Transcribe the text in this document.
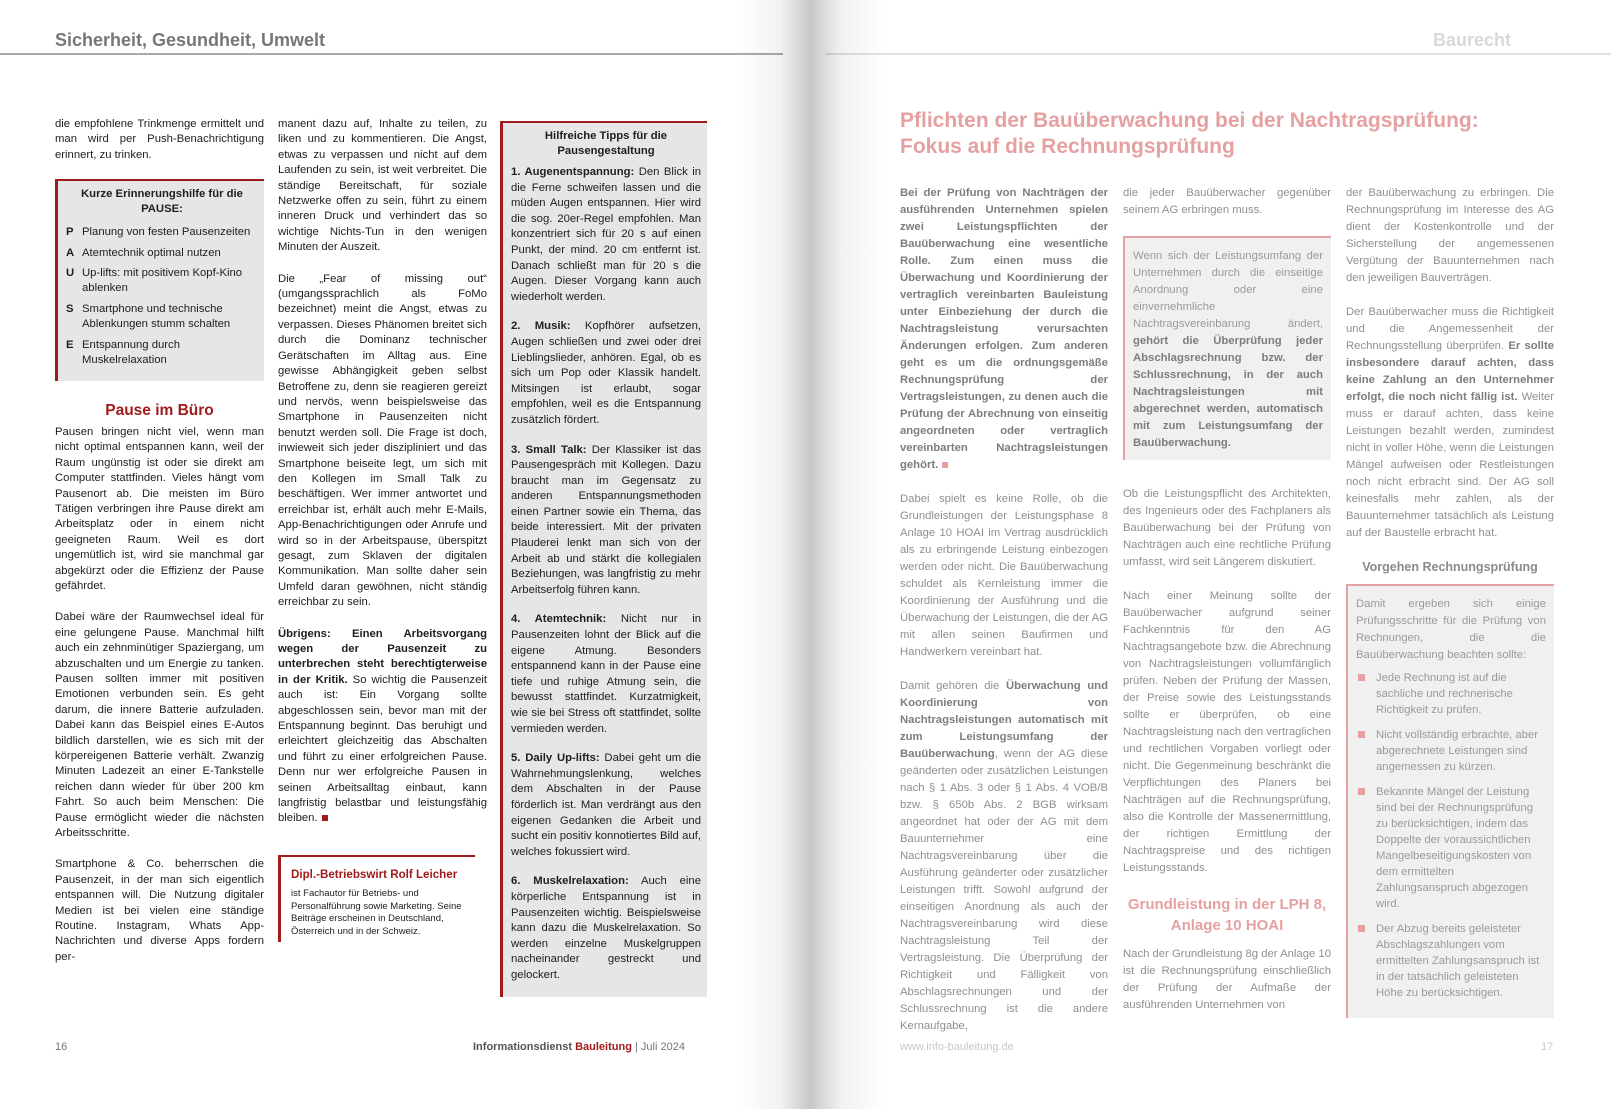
Sicherheit, Gesundheit, Umwelt

die empfohlene Trinkmenge ermittelt und man wird per Push-Benachrichtigung erinnert, zu trinken.

Kurze Erinnerungshilfe für die PAUSE:
P Planung von festen Pausenzeiten
A Atemtechnik optimal nutzen
U Up-lifts: mit positivem Kopf-Kino ablenken
S Smartphone und technische Ablenkungen stumm schalten
E Entspannung durch Muskelrelaxation
Pause im Büro

Pausen bringen nicht viel, wenn man nicht optimal entspannen kann, weil der Raum ungünstig ist oder sie direkt am Computer stattfinden. Vieles hängt vom Pausenort ab. Die meisten im Büro Tätigen verbringen ihre Pause direkt am Arbeitsplatz oder in einem nicht geeigneten Raum. Weil es dort ungemütlich ist, wird sie manchmal gar abgekürzt oder die Effizienz der Pause gefährdet.

Dabei wäre der Raumwechsel ideal für eine gelungene Pause. Manchmal hilft auch ein zehnminütiger Spaziergang, um abzuschalten und um Energie zu tanken. Pausen sollten immer mit positiven Emotionen verbunden sein. Es geht darum, die innere Batterie aufzuladen. Dabei kann das Beispiel eines E-Autos bildlich darstellen, wie es sich mit der körpereigenen Batterie verhält. Zwanzig Minuten Ladezeit an einer E-Tankstelle reichen dann wieder für über 200 km Fahrt. So auch beim Menschen: Die Pause ermöglicht wieder die nächsten Arbeitsschritte.

Smartphone & Co. beherrschen die Pausenzeit, in der man sich eigentlich entspannen will. Die Nutzung digitaler Medien ist bei vielen eine ständige Routine. Instagram, Whats App-Nachrichten und diverse Apps fordern per-

manent dazu auf, Inhalte zu teilen, zu liken und zu kommentieren. Die Angst, etwas zu verpassen und nicht auf dem Laufenden zu sein, ist weit verbreitet. Die ständige Bereitschaft, für soziale Netzwerke offen zu sein, führt zu einem inneren Druck und verhindert das so wichtige Nichts-Tun in den wenigen Minuten der Auszeit.

Die „Fear of missing out“ (umgangssprachlich als FoMo bezeichnet) meint die Angst, etwas zu verpassen. Dieses Phänomen breitet sich durch die Dominanz technischer Gerätschaften im Alltag aus. Eine gewisse Abhängigkeit geben selbst Betroffene zu, denn sie reagieren gereizt und nervös, wenn beispielsweise das Smartphone in Pausenzeiten nicht benutzt werden soll. Die Frage ist doch, inwieweit sich jeder diszipliniert und das Smartphone beiseite legt, um sich mit den Kollegen im Small Talk zu beschäftigen. Wer immer antwortet und erreichbar ist, erhält auch mehr E-Mails, App-Benachrichtigungen oder Anrufe und wird so in der Arbeitspause, überspitzt gesagt, zum Sklaven der digitalen Kommunikation. Man sollte daher sein Umfeld daran gewöhnen, nicht ständig erreichbar zu sein.

Übrigens: Einen Arbeitsvorgang wegen der Pausenzeit zu unterbrechen steht berechtigterweise in der Kritik. So wichtig die Pausenzeit auch ist: Ein Vorgang sollte abgeschlossen sein, bevor man mit der Entspannung beginnt. Das beruhigt und erleichtert gleichzeitig das Abschalten und führt zu einer erfolgreichen Pause. Denn nur wer erfolgreiche Pausen in seinen Arbeitsalltag einbaut, kann langfristig belastbar und leistungsfähig bleiben.

Dipl.-Betriebswirt Rolf Leicher
ist Fachautor für Betriebs- und Personalführung sowie Marketing. Seine Beiträge erscheinen in Deutschland, Österreich und in der Schweiz.
Hilfreiche Tipps für die Pausengestaltung
1. Augenentspannung: Den Blick in die Ferne schweifen lassen und die müden Augen entspannen. Hier wird die sog. 20er-Regel empfohlen. Man konzentriert sich für 20 s auf einen Punkt, der mind. 20 cm entfernt ist. Danach schließt man für 20 s die Augen. Dieser Vorgang kann auch wiederholt werden.
2. Musik: Kopfhörer aufsetzen, Augen schließen und zwei oder drei Lieblingslieder, anhören. Egal, ob es sich um Pop oder Klassik handelt. Mitsingen ist erlaubt, sogar empfohlen, weil es die Entspannung zusätzlich fördert.
3. Small Talk: Der Klassiker ist das Pausengespräch mit Kollegen. Dazu braucht man im Gegensatz zu anderen Entspannungsmethoden einen Partner sowie ein Thema, das beide interessiert. Mit der privaten Plauderei lenkt man sich von der Arbeit ab und stärkt die kollegialen Beziehungen, was langfristig zu mehr Arbeitserfolg führen kann.
4. Atemtechnik: Nicht nur in Pausenzeiten lohnt der Blick auf die eigene Atmung. Besonders entspannend kann in der Pause eine tiefe und ruhige Atmung sein, die bewusst stattfindet. Kurzatmigkeit, wie sie bei Stress oft stattfindet, sollte vermieden werden.
5. Daily Up-lifts: Dabei geht um die Wahrnehmungslenkung, welches dem Abschalten in der Pause förderlich ist. Man verdrängt aus den eigenen Gedanken die Arbeit und sucht ein positiv konnotiertes Bild auf, welches fokussiert wird.
6. Muskelrelaxation: Auch eine körperliche Entspannung ist in Pausenzeiten wichtig. Beispielsweise kann dazu die Muskelrelaxation. So werden einzelne Muskelgruppen nacheinander gestreckt und gelockert.
16	Informationsdienst Bauleitung | Juli 2024
Baurecht
Pflichten der Bauüberwachung bei der Nachtragsprüfung:
Fokus auf die Rechnungsprüfung

Bei der Prüfung von Nachträgen der ausführenden Unternehmen spielen zwei Leistungspflichten der Bauüberwachung eine wesentliche Rolle. Zum einen muss die Überwachung und Koordinierung der vertraglich vereinbarten Bauleistung unter Einbeziehung der durch die Nachtragsleistung verursachten Änderungen erfolgen. Zum anderen geht es um die ordnungsgemäße Rechnungsprüfung der Vertragsleistungen, zu denen auch die Prüfung der Abrechnung von einseitig angeordneten oder vertraglich vereinbarten Nachtragsleistungen gehört.

Dabei spielt es keine Rolle, ob die Grundleistungen der Leistungsphase 8 Anlage 10 HOAI im Vertrag ausdrücklich als zu erbringende Leistung einbezogen werden oder nicht. Die Bauüberwachung schuldet als Kernleistung immer die Koordinierung der Ausführung und die Überwachung der Leistungen, die der AG mit allen seinen Baufirmen und Handwerkern vereinbart hat.

Damit gehören die Überwachung und Koordinierung von Nachtragsleistungen automatisch mit zum Leistungsumfang der Bauüberwachung, wenn der AG diese geänderten oder zusätzlichen Leistungen nach § 1 Abs. 3 oder § 1 Abs. 4 VOB/B bzw. § 650b Abs. 2 BGB wirksam angeordnet hat oder der AG mit dem Bauunternehmer eine Nachtragsvereinbarung über die Ausführung geänderter oder zusätzlicher Leistungen trifft. Sowohl aufgrund der einseitigen Anordnung als auch der Nachtragsvereinbarung wird diese Nachtragsleistung Teil der Vertragsleistung. Die Überprüfung der Richtigkeit und Fälligkeit von Abschlagsrechnungen und der Schlussrechnung ist die andere Kernaufgabe,

die jeder Bauüberwacher gegenüber seinem AG erbringen muss.

Wenn sich der Leistungsumfang der Unternehmen durch die einseitige Anordnung oder eine einvernehmliche Nachtragsvereinbarung ändert, gehört die Überprüfung jeder Abschlagsrechnung bzw. der Schlussrechnung, in der auch Nachtragsleistungen mit abgerechnet werden, automatisch mit zum Leistungsumfang der Bauüberwachung.

Ob die Leistungspflicht des Architekten, des Ingenieurs oder des Fachplaners als Bauüberwachung bei der Prüfung von Nachträgen auch eine rechtliche Prüfung umfasst, wird seit Längerem diskutiert.

Nach einer Meinung sollte der Bauüberwacher aufgrund seiner Fachkenntnis für den AG Nachtragsangebote bzw. die Abrechnung von Nachtragsleistungen vollumfänglich prüfen. Neben der Prüfung der Massen, der Preise sowie des Leistungsstands sollte er überprüfen, ob eine Nachtragsleistung nach den vertraglichen und rechtlichen Vorgaben vorliegt oder nicht. Die Gegenmeinung beschränkt die Verpflichtungen des Planers bei Nachträgen auf die Rechnungsprüfung, also die Kontrolle der Massenermittlung, der richtigen Ermittlung der Nachtragspreise und des richtigen Leistungsstands.

Grundleistung in der LPH 8, Anlage 10 HOAI

Nach der Grundleistung 8g der Anlage 10 ist die Rechnungsprüfung einschließlich der Prüfung der Aufmaße der ausführenden Unternehmen von

der Bauüberwachung zu erbringen. Die Rechnungsprüfung im Interesse des AG dient der Kostenkontrolle und der Sicherstellung der angemessenen Vergütung der Bauunternehmen nach den jeweiligen Bauverträgen.

Der Bauüberwacher muss die Richtigkeit und die Angemessenheit der Rechnungsstellung überprüfen. Er sollte insbesondere darauf achten, dass keine Zahlung an den Unternehmer erfolgt, die noch nicht fällig ist. Weiter muss er darauf achten, dass keine Leistungen bezahlt werden, zumindest nicht in voller Höhe, wenn die Leistungen Mängel aufweisen oder Restleistungen noch nicht erbracht sind. Der AG soll keinesfalls mehr zahlen, als der Bauunternehmer tatsächlich als Leistung auf der Baustelle erbracht hat.

Vorgehen Rechnungsprüfung
Damit ergeben sich einige Prüfungsschritte für die Prüfung von Rechnungen, die die Bauüberwachung beachten sollte:
Jede Rechnung ist auf die sachliche und rechnerische Richtigkeit zu prüfen.
Nicht vollständig erbrachte, aber abgerechnete Leistungen sind angemessen zu kürzen.
Bekannte Mängel der Leistung sind bei der Rechnungsprüfung zu berücksichtigen, indem das Doppelte der voraussichtlichen Mangelbeseitigungskosten von dem ermittelten Zahlungsanspruch abgezogen wird.
Der Abzug bereits geleisteter Abschlagszahlungen vom ermittelten Zahlungsanspruch ist in der tatsächlich geleisteten Höhe zu berücksichtigen.
www.info-bauleitung.de	17
